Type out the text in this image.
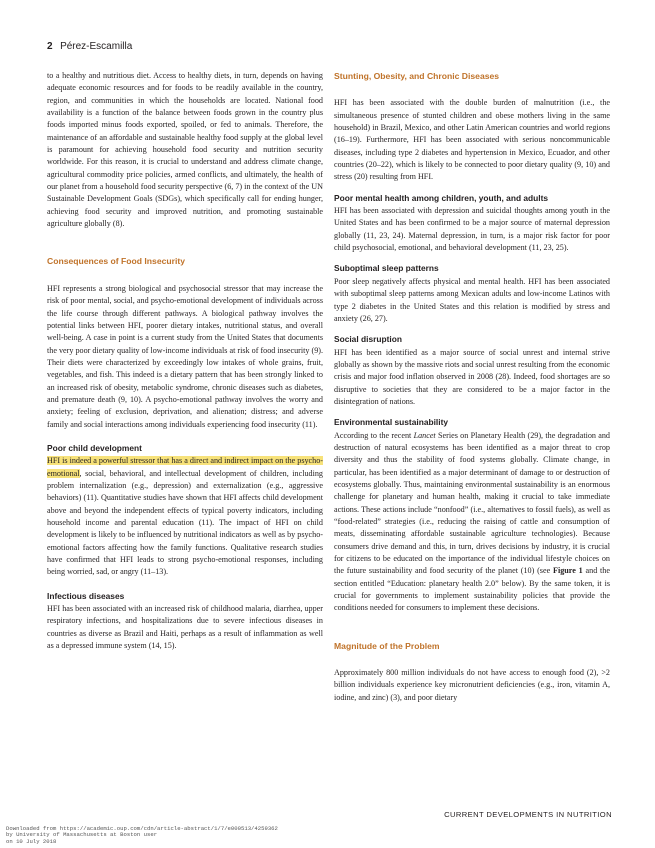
2 Pérez-Escamilla

to a healthy and nutritious diet. Access to healthy diets, in turn, depends on having adequate economic resources and for foods to be readily available in the country, region, and communities in which the households are located. National food availability is a function of the balance between foods grown in the country plus foods imported minus foods exported, spoiled, or fed to animals. Therefore, the maintenance of an affordable and sustainable healthy food supply at the global level is paramount for achieving household food security and nutrition security worldwide. For this reason, it is crucial to understand and address climate change, agricultural commodity price policies, armed conflicts, and ultimately, the health of our planet from a household food security perspective (6, 7) in the context of the UN Sustainable Development Goals (SDGs), which specifically call for ending hunger, achieving food security and improved nutrition, and promoting sustainable agriculture globally (8).

Consequences of Food Insecurity

HFI represents a strong biological and psychosocial stressor that may increase the risk of poor mental, social, and psycho-emotional development of individuals across the life course through different pathways. A biological pathway involves the potential links between HFI, poorer dietary intakes, nutritional status, and overall well-being. A case in point is a current study from the United States that documents the very poor dietary quality of low-income individuals at risk of food insecurity (9). Their diets were characterized by exceedingly low intakes of whole grains, fruit, vegetables, and fish. This indeed is a dietary pattern that has been strongly linked to an increased risk of obesity, metabolic syndrome, chronic diseases such as diabetes, and premature death (9, 10). A psycho-emotional pathway involves the worry and anxiety; feeling of exclusion, deprivation, and alienation; distress; and adverse family and social interactions among individuals experiencing food insecurity (11).

Poor child development

HFI is indeed a powerful stressor that has a direct and indirect impact on the psycho-emotional, social, behavioral, and intellectual development of children, including problem internalization (e.g., depression) and externalization (e.g., aggressive behaviors) (11). Quantitative studies have shown that HFI affects child development above and beyond the independent effects of typical poverty indicators, including household income and parental education (11). The impact of HFI on child development is likely to be influenced by nutritional indicators as well as by psycho-emotional factors affecting how the family functions. Qualitative research studies have confirmed that HFI leads to strong psycho-emotional responses, including being worried, sad, or angry (11–13).

Infectious diseases

HFI has been associated with an increased risk of childhood malaria, diarrhea, upper respiratory infections, and hospitalizations due to severe infectious diseases in countries as diverse as Brazil and Haiti, perhaps as a result of inflammation as well as a depressed immune system (14, 15).

Stunting, Obesity, and Chronic Diseases

HFI has been associated with the double burden of malnutrition (i.e., the simultaneous presence of stunted children and obese mothers living in the same household) in Brazil, Mexico, and other Latin American countries and world regions (16–19). Furthermore, HFI has been associated with serious noncommunicable diseases, including type 2 diabetes and hypertension in Mexico, Ecuador, and other countries (20–22), which is likely to be connected to poor dietary quality (9, 10) and stress (20) resulting from HFI.

Poor mental health among children, youth, and adults

HFI has been associated with depression and suicidal thoughts among youth in the United States and has been confirmed to be a major source of maternal depression globally (11, 23, 24). Maternal depression, in turn, is a major risk factor for poor child psychosocial, emotional, and behavioral development (11, 23, 25).

Suboptimal sleep patterns

Poor sleep negatively affects physical and mental health. HFI has been associated with suboptimal sleep patterns among Mexican adults and low-income Latinos with type 2 diabetes in the United States and this relation is modified by stress and anxiety (26, 27).

Social disruption

HFI has been identified as a major source of social unrest and internal strive globally as shown by the massive riots and social unrest resulting from the economic crisis and major food inflation observed in 2008 (28). Indeed, food shortages are so disruptive to societies that they are considered to be a major factor in the disintegration of nations.

Environmental sustainability

According to the recent Lancet Series on Planetary Health (29), the degradation and destruction of natural ecosystems has been identified as a major threat to crop diversity and thus the stability of food systems globally. Climate change, in particular, has been identified as a major determinant of damage to or destruction of ecosystems globally. Thus, maintaining environmental sustainability is an enormous challenge for planetary and human health, making it crucial to take immediate actions. These actions include “nonfood” (i.e., alternatives to fossil fuels), as well as “food-related” strategies (i.e., reducing the raising of cattle and consumption of meats, disseminating affordable sustainable agriculture technologies). Because consumers drive demand and this, in turn, drives decisions by industry, it is crucial for citizens to be educated on the importance of the individual lifestyle choices on the future sustainability and food security of the planet (10) (see Figure 1 and the section entitled “Education: planetary health 2.0” below). By the same token, it is crucial for governments to implement sustainability policies that provide the conditions needed for consumers to implement these decisions.

Magnitude of the Problem

Approximately 800 million individuals do not have access to enough food (2), >2 billion individuals experience key micronutrient deficiencies (e.g., iron, vitamin A, iodine, and zinc) (3), and poor dietary

CURRENT DEVELOPMENTS IN NUTRITION
Downloaded from https://academic.oup.com/cdn/article-abstract/1/7/e000513/4259362
by University of Massachusetts at Boston user
on 10 July 2018
